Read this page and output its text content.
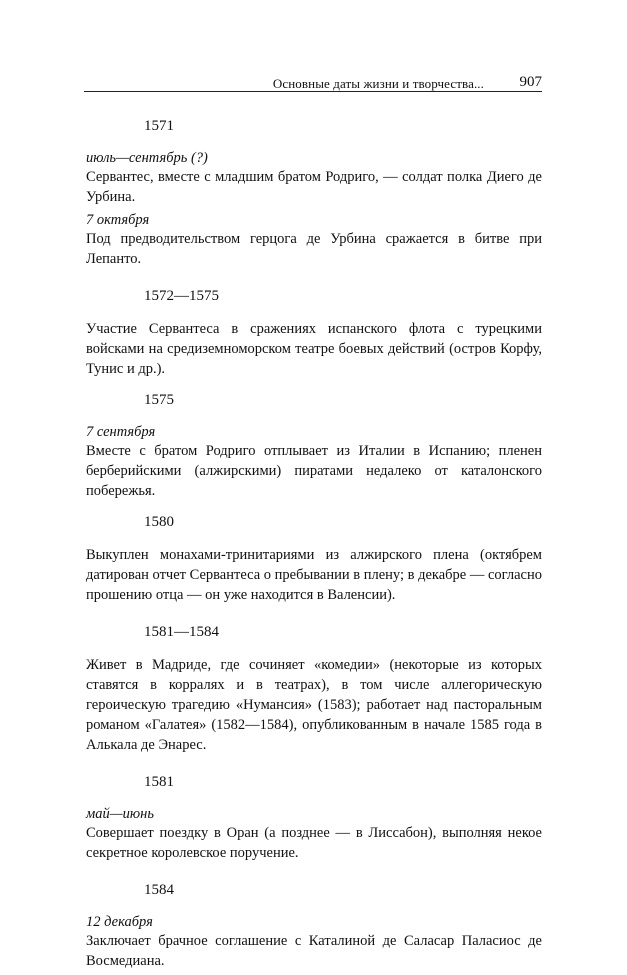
Основные даты жизни и творчества... 907
1571
июль—сентябрь (?)
Сервантес, вместе с младшим братом Родриго, — солдат полка Диего де Урбина.
7 октября
Под предводительством герцога де Урбина сражается в битве при Лепанто.
1572—1575
Участие Сервантеса в сражениях испанского флота с турецкими войсками на средиземноморском театре боевых действий (остров Корфу, Тунис и др.).
1575
7 сентября
Вместе с братом Родриго отплывает из Италии в Испанию; пленен берберийскими (алжирскими) пиратами недалеко от каталонского побережья.
1580
Выкуплен монахами-тринитариями из алжирского плена (октябрем датирован отчет Сервантеса о пребывании в плену; в декабре — согласно прошению отца — он уже находится в Валенсии).
1581—1584
Живет в Мадриде, где сочиняет «комедии» (некоторые из которых ставятся в корралях и в театрах), в том числе аллегорическую героическую трагедию «Нумансия» (1583); работает над пасторальным романом «Галатея» (1582—1584), опубликованным в начале 1585 года в Алькала де Энарес.
1581
май—июнь
Совершает поездку в Оран (а позднее — в Лиссабон), выполняя некое секретное королевское поручение.
1584
12 декабря
Заключает брачное соглашение с Каталиной де Саласар Паласиос де Восмедиана.
